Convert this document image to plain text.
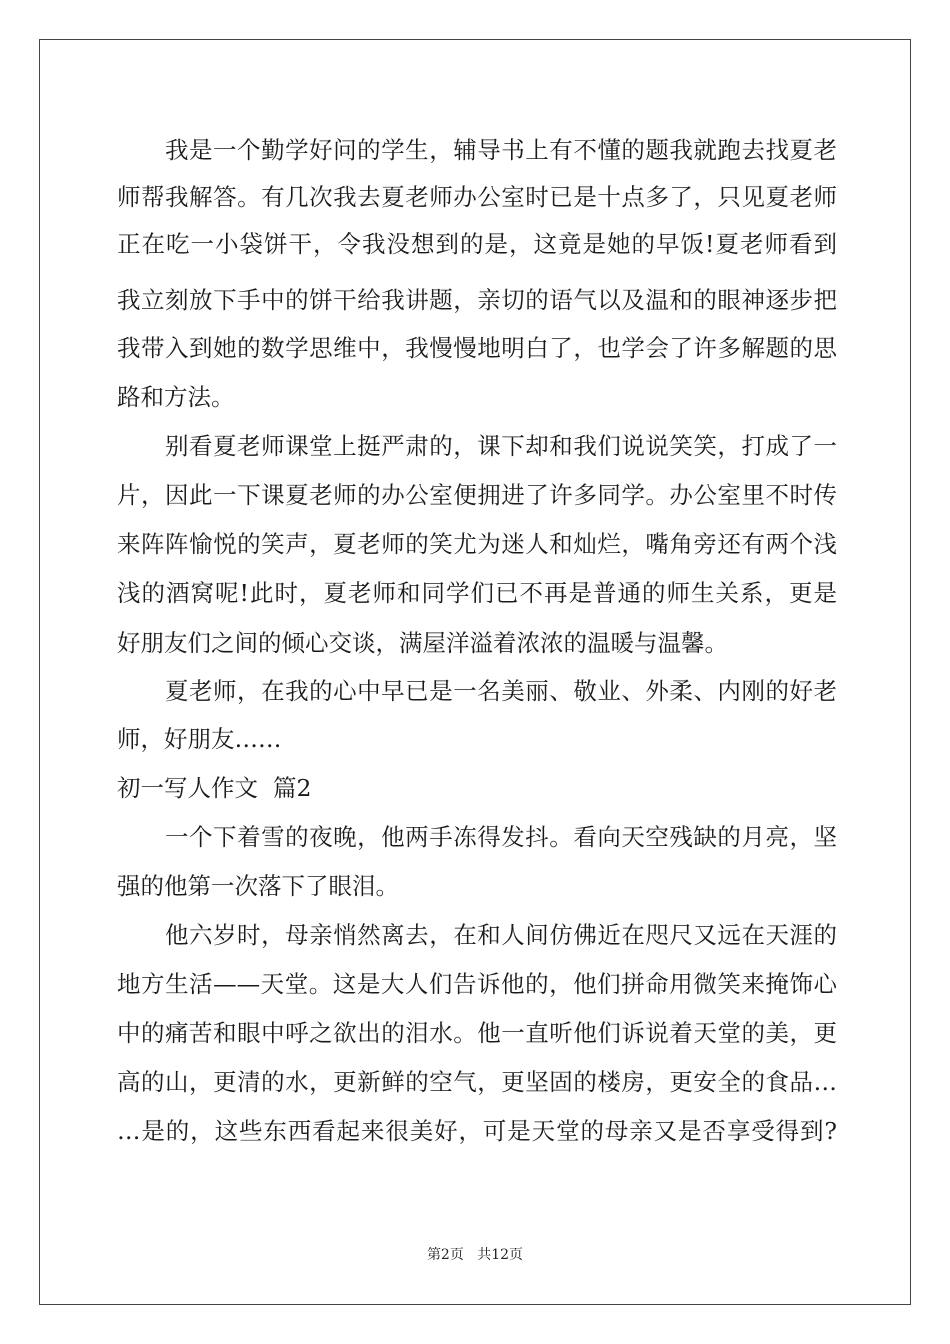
我是一个勤学好问的学生，辅导书上有不懂的题我就跑去找夏老
师帮我解答。有几次我去夏老师办公室时已是十点多了，只见夏老师
正在吃一小袋饼干，令我没想到的是，这竟是她的早饭!夏老师看到
我立刻放下手中的饼干给我讲题，亲切的语气以及温和的眼神逐步把
我带入到她的数学思维中，我慢慢地明白了，也学会了许多解题的思
路和方法。
别看夏老师课堂上挺严肃的，课下却和我们说说笑笑，打成了一
片，因此一下课夏老师的办公室便拥进了许多同学。办公室里不时传
来阵阵愉悦的笑声，夏老师的笑尤为迷人和灿烂，嘴角旁还有两个浅
浅的酒窝呢!此时，夏老师和同学们已不再是普通的师生关系，更是
好朋友们之间的倾心交谈，满屋洋溢着浓浓的温暖与温馨。
夏老师，在我的心中早已是一名美丽、敬业、外柔、内刚的好老
师，好朋友……
初一写人作文  篇2
一个下着雪的夜晚，他两手冻得发抖。看向天空残缺的月亮，坚
强的他第一次落下了眼泪。
他六岁时，母亲悄然离去，在和人间仿佛近在咫尺又远在天涯的
地方生活——天堂。这是大人们告诉他的，他们拼命用微笑来掩饰心
中的痛苦和眼中呼之欲出的泪水。他一直听他们诉说着天堂的美，更
高的山，更清的水，更新鲜的空气，更坚固的楼房，更安全的食品…
…是的，这些东西看起来很美好，可是天堂的母亲又是否享受得到?
第2页 共12页
